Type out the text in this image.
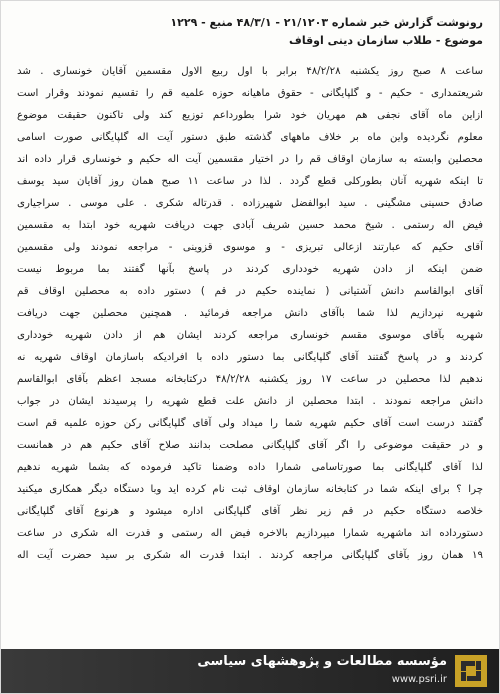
رونوشت گزارش خبر شماره ۲۱/۱۲۰۳ - ۴۸/۳/۱ منبع - ۱۲۲۹
موضوع - طلاب سازمان دینی اوقاف
ساعت ۸ صبح روز یکشنبه ۴۸/۲/۲۸ برابر با اول ربیع الاول مقسمین آقایان خونساری . شد
شریعتمداری - حکیم - و گلپایگانی - حقوق ماهیانه حوزه علمیه قم را تقسیم نمودند وقرار است
ازاین ماه آقای نجفی هم مهریان خود شرا بطورداعم توزیع کند ولی تاکنون حقیقت موضوع
معلوم نگردیده واین ماه بر خلاف ماههای گذشته طبق دستور آیت اله گلپایگانی صورت اسامی
محصلین وابسته به سازمان اوقاف قم را در اختیار مقسمین آیت اله حکیم و خونساری قرار داده اند
تا اینکه شهریه آنان بطورکلی قطع گردد . لذا در ساعت ۱۱ صبح همان روز آقایان سید یوسف
صادق حسینی مشگینی . سید ابوالفضل شهیرزاده . قدرتاله شکری . علی موسی . سراجیاری
فیض اله رستمی . شیخ محمد حسین شریف آبادی جهت دریافت شهریه خود ابتدا به مقسمین
آقای حکیم که عبارتند ازعالی تبریزی - و موسوی قزوینی - مراجعه نمودند ولی مقسمین
ضمن اینکه از دادن شهریه خودداری کردند در پاسخ بآنها گفتند بما مربوط نیست
آقای ابوالقاسم دانش آشتیانی ( نماینده حکیم در قم ) دستور داده به محصلین اوقاف قم
شهریه نپردازیم لذا شما باآقای دانش مراجعه فرمائید . همچنین محصلین جهت دریافت
شهریه بآقای موسوی مقسم خونساری مراجعه کردند ایشان هم از دادن شهریه خودداری
کردند و در پاسخ گفتند آقای گلپایگانی بما دستور داده با افرادیکه باسازمان اوقاف شهریه نه
ندهیم لذا محصلین در ساعت ۱۷ روز یکشنبه ۴۸/۲/۲۸ درکتابخانه مسجد اعظم بآقای ابوالقاسم
دانش مراجعه نمودند . ابتدا محصلین از دانش علت قطع شهریه را پرسیدند ایشان در جواب
گفتند درست است آقای حکیم شهریه شما را میداد ولی آقای گلپایگانی رکن حوزه علمیه قم است
و در حقیقت موضوعی را اگر آقای گلپایگانی مصلحت بدانند صلاح آقای حکیم هم در همانست
لذا آقای گلپایگانی بما صورتاسامی شمارا داده وضمنا تاکید فرموده که بشما شهریه ندهیم
چرا ؟ برای اینکه شما در کتابخانه سازمان اوقاف ثبت نام کرده اید وبا دستگاه دیگر همکاری میکنید
خلاصه دستگاه حکیم در قم زیر نظر آقای گلپایگانی اداره میشود و هرنوع آقای گلپایگانی
دستورداده اند ماشهریه شمارا میپردازیم بالاخره فیض اله رستمی و قدرت اله شکری در ساعت
۱۹ همان روز بآقای گلپایگانی مراجعه کردند . ابتدا قدرت اله شکری بر سید حضرت آیت اله
مؤسسه مطالعات و پژوهشهای سیاسی
www.psri.ir
